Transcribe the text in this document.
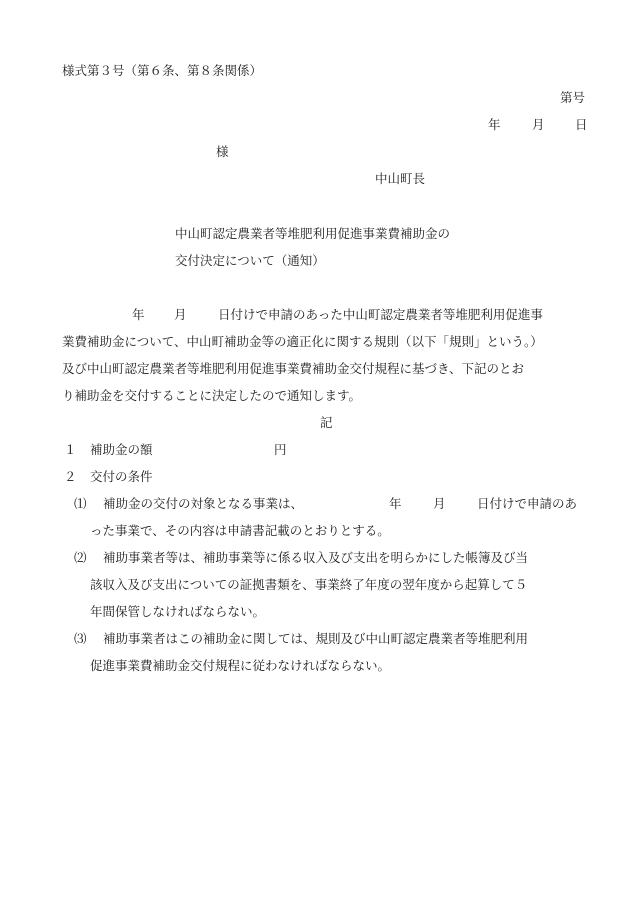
様式第３号（第６条、第８条関係）
第号
年	月 日
様
中山町長
中山町認定農業者等堆肥利用促進事業費補助金の
交付決定について（通知）
年 月	日付けで申請のあった中山町認定農業者等堆肥利用促進事
業費補助金について、中山町補助金等の適正化に関する規則（以下「規則」という。）
及び中山町認定農業者等堆肥利用促進事業費補助金交付規程に基づき、下記のとお
り補助金を交付することに決定したので通知します。
記
１ 補助金の額	円
２ 交付の条件
⑴ 補助金の交付の対象となる事業は、	年	月	日付けで申請のあ
った事業で、その内容は申請書記載のとおりとする。
⑵ 補助事業者等は、補助事業等に係る収入及び支出を明らかにした帳簿及び当
該収入及び支出についての証拠書類を、事業終了年度の翌年度から起算して５
年間保管しなければならない。
⑶ 補助事業者はこの補助金に関しては、規則及び中山町認定農業者等堆肥利用
促進事業費補助金交付規程に従わなければならない。
